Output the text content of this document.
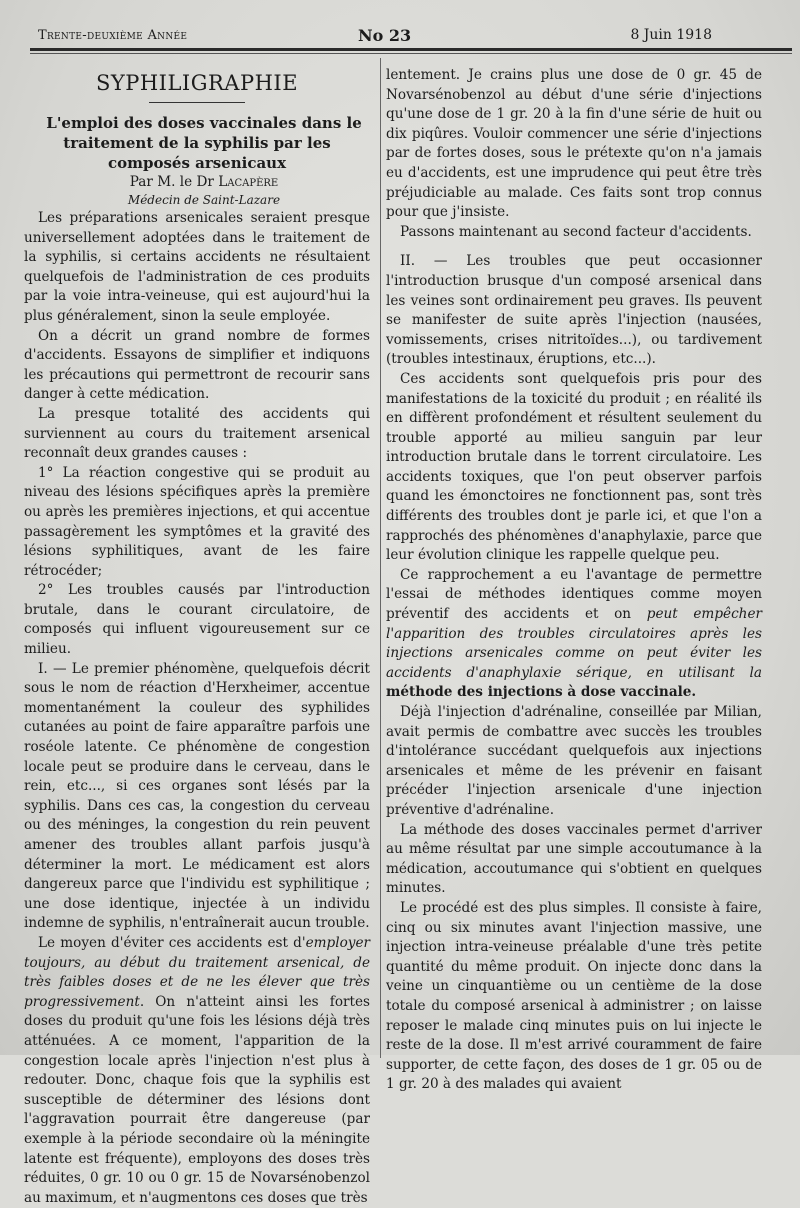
Trente-deuxième Année	No 23	8 Juin 1918
SYPHILIGRAPHIE

L'emploi des doses vaccinales dans le traitement de la syphilis par les composés arsenicaux

Par M. le Dr Lacapère

Médecin de Saint-Lazare

Les préparations arsenicales seraient presque universellement adoptées dans le traitement de la syphilis, si certains accidents ne résultaient quelquefois de l'administration de ces produits par la voie intra-veineuse, qui est aujourd'hui la plus généralement, sinon la seule employée.

On a décrit un grand nombre de formes d'accidents. Essayons de simplifier et indiquons les précautions qui permettront de recourir sans danger à cette médication.

La presque totalité des accidents qui surviennent au cours du traitement arsenical reconnaît deux grandes causes :

1° La réaction congestive qui se produit au niveau des lésions spécifiques après la première ou après les premières injections, et qui accentue passagèrement les symptômes et la gravité des lésions syphilitiques, avant de les faire rétrocéder;

2° Les troubles causés par l'introduction brutale, dans le courant circulatoire, de composés qui influent vigoureusement sur ce milieu.

I. — Le premier phénomène, quelquefois décrit sous le nom de réaction d'Herxheimer, accentue momentanément la couleur des syphilides cutanées au point de faire apparaître parfois une roséole latente. Ce phénomène de congestion locale peut se produire dans le cerveau, dans le rein, etc..., si ces organes sont lésés par la syphilis. Dans ces cas, la congestion du cerveau ou des méninges, la congestion du rein peuvent amener des troubles allant parfois jusqu'à déterminer la mort. Le médicament est alors dangereux parce que l'individu est syphilitique ; une dose identique, injectée à un individu indemne de syphilis, n'entraînerait aucun trouble.

Le moyen d'éviter ces accidents est d'employer toujours, au début du traitement arsenical, de très faibles doses et de ne les élever que très progressivement. On n'atteint ainsi les fortes doses du produit qu'une fois les lésions déjà très atténuées. A ce moment, l'apparition de la congestion locale après l'injection n'est plus à redouter. Donc, chaque fois que la syphilis est susceptible de déterminer des lésions dont l'aggravation pourrait être dangereuse (par exemple à la période secondaire où la méningite latente est fréquente), employons des doses très réduites, 0 gr. 10 ou 0 gr. 15 de Novarsénobenzol au maximum, et n'augmentons ces doses que très

lentement. Je crains plus une dose de 0 gr. 45 de Novarsénobenzol au début d'une série d'injections qu'une dose de 1 gr. 20 à la fin d'une série de huit ou dix piqûres. Vouloir commencer une série d'injections par de fortes doses, sous le prétexte qu'on n'a jamais eu d'accidents, est une imprudence qui peut être très préjudiciable au malade. Ces faits sont trop connus pour que j'insiste.

Passons maintenant au second facteur d'accidents.

II. — Les troubles que peut occasionner l'introduction brusque d'un composé arsenical dans les veines sont ordinairement peu graves. Ils peuvent se manifester de suite après l'injection (nausées, vomissements, crises nitritoïdes...), ou tardivement (troubles intestinaux, éruptions, etc...).

Ces accidents sont quelquefois pris pour des manifestations de la toxicité du produit ; en réalité ils en diffèrent profondément et résultent seulement du trouble apporté au milieu sanguin par leur introduction brutale dans le torrent circulatoire. Les accidents toxiques, que l'on peut observer parfois quand les émonctoires ne fonctionnent pas, sont très différents des troubles dont je parle ici, et que l'on a rapprochés des phénomènes d'anaphylaxie, parce que leur évolution clinique les rappelle quelque peu.

Ce rapprochement a eu l'avantage de permettre l'essai de méthodes identiques comme moyen préventif des accidents et on peut empêcher l'apparition des troubles circulatoires après les injections arsenicales comme on peut éviter les accidents d'anaphylaxie sérique, en utilisant la méthode des injections à dose vaccinale.

Déjà l'injection d'adrénaline, conseillée par Milian, avait permis de combattre avec succès les troubles d'intolérance succédant quelquefois aux injections arsenicales et même de les prévenir en faisant précéder l'injection arsenicale d'une injection préventive d'adrénaline.

La méthode des doses vaccinales permet d'arriver au même résultat par une simple accoutumance à la médication, accoutumance qui s'obtient en quelques minutes.

Le procédé est des plus simples. Il consiste à faire, cinq ou six minutes avant l'injection massive, une injection intra-veineuse préalable d'une très petite quantité du même produit. On injecte donc dans la veine un cinquantième ou un centième de la dose totale du composé arsenical à administrer ; on laisse reposer le malade cinq minutes puis on lui injecte le reste de la dose. Il m'est arrivé couramment de faire supporter, de cette façon, des doses de 1 gr. 05 ou de 1 gr. 20 à des malades qui avaient
